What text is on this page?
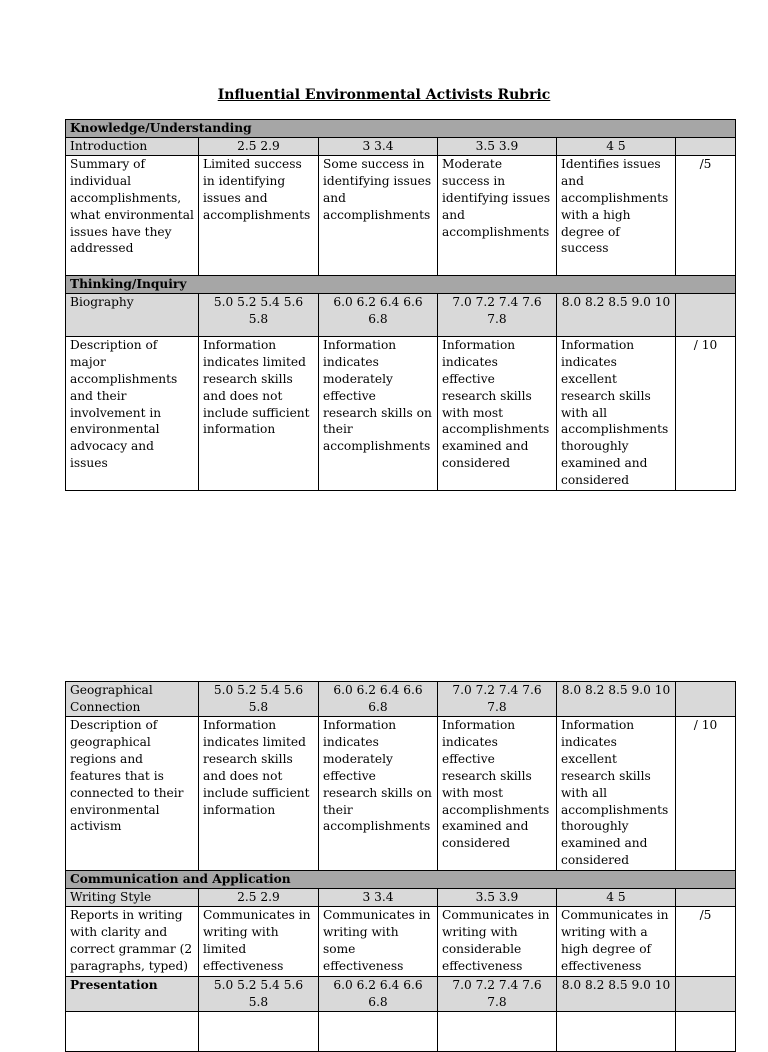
Influential Environmental Activists Rubric
Knowledge/Understanding					
Introduction	2.5 2.9	3 3.4	3.5 3.9	4 5	
Summary of individual accomplishments, what environmental issues have they addressed	Limited success in identifying issues and accomplishments	Some success in identifying issues and accomplishments	Moderate success in identifying issues and accomplishments	Identifies issues and accomplishments with a high degree of success	/5
Thinking/Inquiry					
Biography	5.0 5.2 5.4 5.6 5.8	6.0 6.2 6.4 6.6 6.8	7.0 7.2 7.4 7.6 7.8	8.0 8.2 8.5 9.0 10	
Description of major accomplishments and their involvement in environmental advocacy and issues	Information indicates limited research skills and does not include sufficient information	Information indicates moderately effective research skills on their accomplishments	Information indicates effective research skills with most accomplishments examined and considered	Information indicates excellent research skills with all accomplishments thoroughly examined and considered	/ 10
Geographical Connection	5.0 5.2 5.4 5.6 5.8	6.0 6.2 6.4 6.6 6.8	7.0 7.2 7.4 7.6 7.8	8.0 8.2 8.5 9.0 10	
Description of geographical regions and features that is connected to their environmental activism	Information indicates limited research skills and does not include sufficient information	Information indicates moderately effective research skills on their accomplishments	Information indicates effective research skills with most accomplishments examined and considered	Information indicates excellent research skills with all accomplishments thoroughly examined and considered	/ 10
Communication and Application					
Writing Style	2.5 2.9	3 3.4	3.5 3.9	4 5	
Reports in writing with clarity and correct grammar (2 paragraphs, typed)	Communicates in writing with limited effectiveness	Communicates in writing with some effectiveness	Communicates in writing with considerable effectiveness	Communicates in writing with a high degree of effectiveness	/5
Presentation	5.0 5.2 5.4 5.6 5.8	6.0 6.2 6.4 6.6 6.8	7.0 7.2 7.4 7.6 7.8	8.0 8.2 8.5 9.0 10	
